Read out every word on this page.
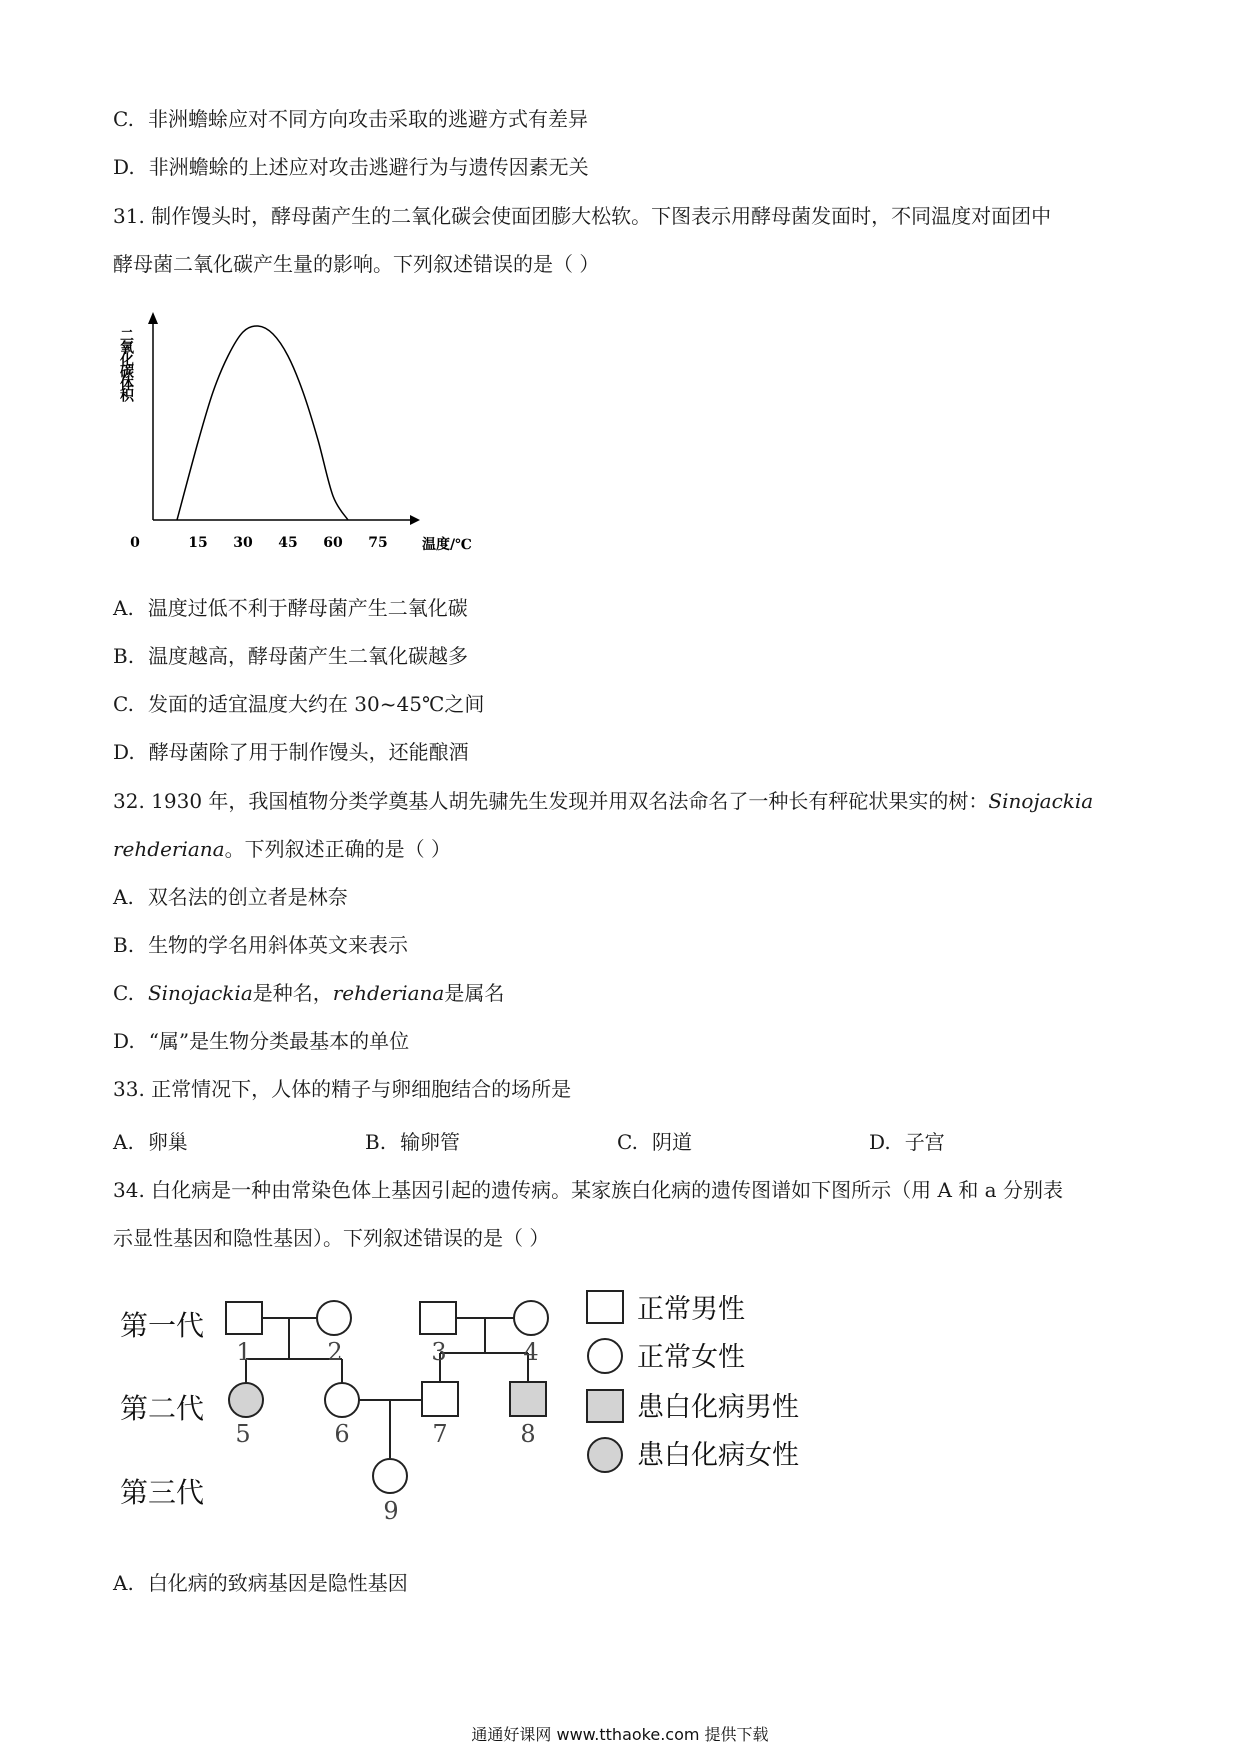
C. 非洲蟾蜍应对不同方向攻击采取的逃避方式有差异
D. 非洲蟾蜍的上述应对攻击逃避行为与遗传因素无关
31. 制作馒头时，酵母菌产生的二氧化碳会使面团膨大松软。下图表示用酵母菌发面时，不同温度对面团中
酵母菌二氧化碳产生量的影响。下列叙述错误的是（ ）
二氧化碳体积
0	15 30 45 60 75 温度/℃
A. 温度过低不利于酵母菌产生二氧化碳
B. 温度越高，酵母菌产生二氧化碳越多
C. 发面的适宜温度大约在 30~45℃之间
D. 酵母菌除了用于制作馒头，还能酿酒
32. 1930 年，我国植物分类学奠基人胡先骕先生发现并用双名法命名了一种长有秤砣状果实的树：Sinojackia
rehderiana。下列叙述正确的是（ ）
A. 双名法的创立者是林奈
B. 生物的学名用斜体英文来表示
C. Sinojackia是种名，rehderiana是属名
D. “属”是生物分类最基本的单位
33. 正常情况下，人体的精子与卵细胞结合的场所是
A. 卵巢	B. 输卵管	C. 阴道	D. 子宫
34. 白化病是一种由常染色体上基因引起的遗传病。某家族白化病的遗传图谱如下图所示（用 A 和 a 分别表
示显性基因和隐性基因）。下列叙述错误的是（ ）
第一代
第二代
第三代
1	2	3	4
5	6	7	8
9
正常男性
正常女性
患白化病男性
患白化病女性
A. 白化病的致病基因是隐性基因
通通好课网 www.tthaoke.com 提供下载
